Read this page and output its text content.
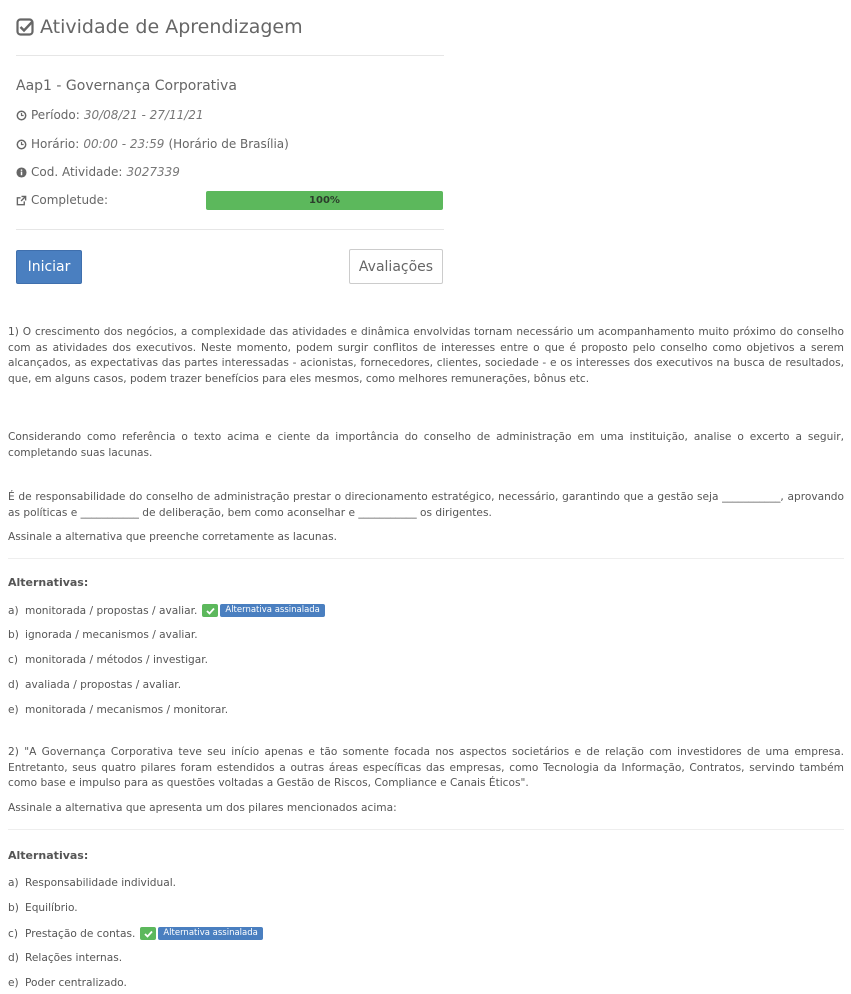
Atividade de Aprendizagem
Aap1 - Governança Corporativa
Período: 30/08/21 - 27/11/21
Horário: 00:00 - 23:59 (Horário de Brasília)
Cod. Atividade: 3027339
Completude:	100%
Iniciar	Avaliações

1) O crescimento dos negócios, a complexidade das atividades e dinâmica envolvidas tornam necessário um acompanhamento muito próximo do conselho com as atividades dos executivos. Neste momento, podem surgir conflitos de interesses entre o que é proposto pelo conselho como objetivos a serem alcançados, as expectativas das partes interessadas - acionistas, fornecedores, clientes, sociedade - e os interesses dos executivos na busca de resultados, que, em alguns casos, podem trazer benefícios para eles mesmos, como melhores remunerações, bônus etc.

Considerando como referência o texto acima e ciente da importância do conselho de administração em uma instituição, analise o excerto a seguir, completando suas lacunas.

É de responsabilidade do conselho de administração prestar o direcionamento estratégico, necessário, garantindo que a gestão seja ___________, aprovando as políticas e ___________ de deliberação, bem como aconselhar e ___________ os dirigentes.

Assinale a alternativa que preenche corretamente as lacunas.

Alternativas:
a) monitorada / propostas / avaliar.	Alternativa assinalada
b) ignorada / mecanismos / avaliar.
c) monitorada / métodos / investigar.
d) avaliada / propostas / avaliar.
e) monitorada / mecanismos / monitorar.

2) "A Governança Corporativa teve seu início apenas e tão somente focada nos aspectos societários e de relação com investidores de uma empresa. Entretanto, seus quatro pilares foram estendidos a outras áreas específicas das empresas, como Tecnologia da Informação, Contratos, servindo também como base e impulso para as questões voltadas a Gestão de Riscos, Compliance e Canais Éticos".

Assinale a alternativa que apresenta um dos pilares mencionados acima:

Alternativas:
a) Responsabilidade individual.
b) Equilíbrio.
c) Prestação de contas.	Alternativa assinalada
d) Relações internas.
e) Poder centralizado.
